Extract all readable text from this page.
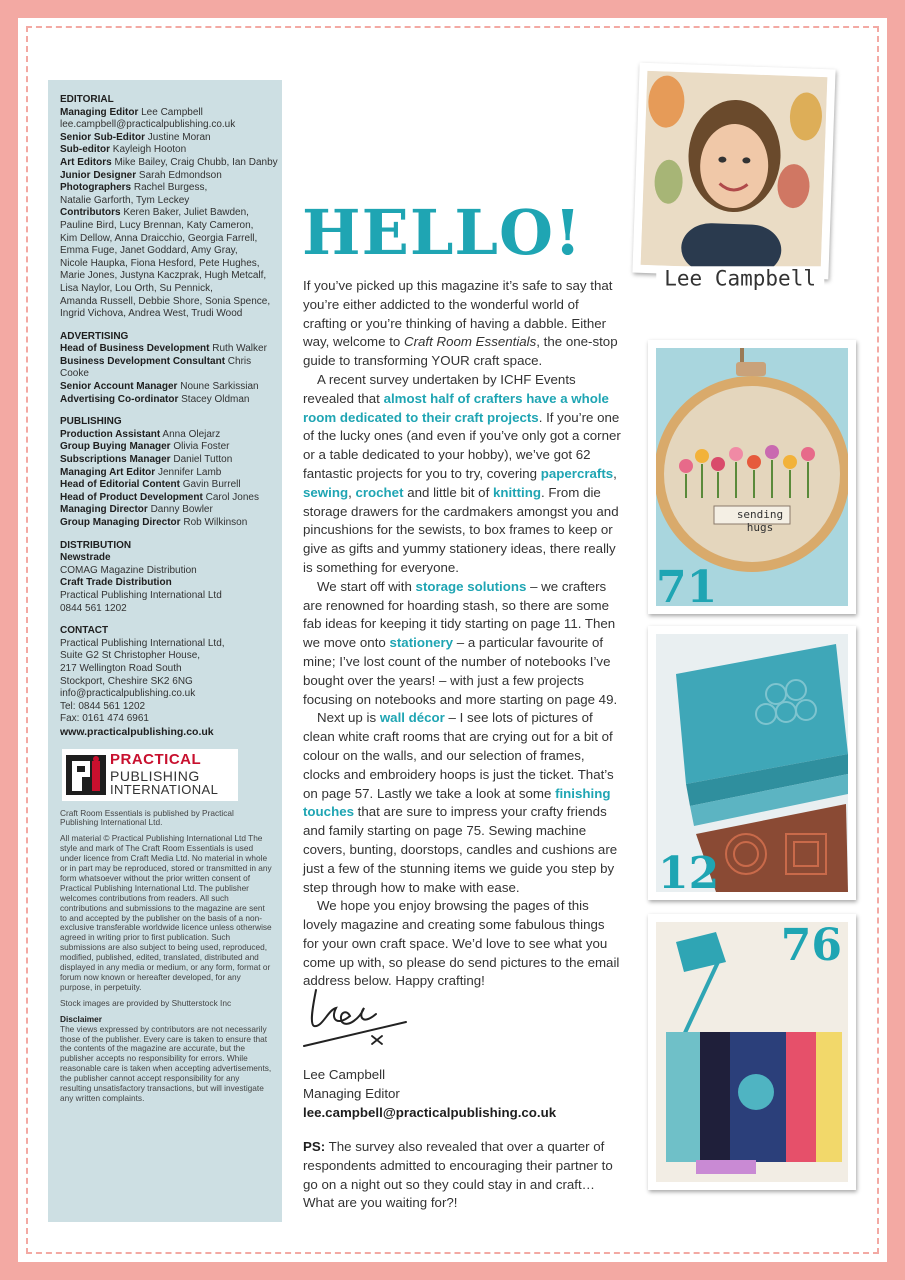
EDITORIAL
Managing Editor Lee Campbell
lee.campbell@practicalpublishing.co.uk
Senior Sub-Editor Justine Moran
Sub-editor Kayleigh Hooton
Art Editors Mike Bailey, Craig Chubb, Ian Danby
Junior Designer Sarah Edmondson
Photographers Rachel Burgess,
Natalie Garforth, Tym Leckey
Contributors Keren Baker, Juliet Bawden,
Pauline Bird, Lucy Brennan, Katy Cameron,
Kim Dellow, Anna Draicchio, Georgia Farrell,
Emma Fuge, Janet Goddard, Amy Gray,
Nicole Haupka, Fiona Hesford, Pete Hughes,
Marie Jones, Justyna Kaczprak, Hugh Metcalf,
Lisa Naylor, Lou Orth, Su Pennick,
Amanda Russell, Debbie Shore, Sonia Spence,
Ingrid Vichova, Andrea West, Trudi Wood
ADVERTISING
Head of Business Development Ruth Walker
Business Development Consultant Chris Cooke
Senior Account Manager Noune Sarkissian
Advertising Co-ordinator Stacey Oldman
PUBLISHING
Production Assistant Anna Olejarz
Group Buying Manager Olivia Foster
Subscriptions Manager Daniel Tutton
Managing Art Editor Jennifer Lamb
Head of Editorial Content Gavin Burrell
Head of Product Development Carol Jones
Managing Director Danny Bowler
Group Managing Director Rob Wilkinson
DISTRIBUTION
Newstrade
COMAG Magazine Distribution
Craft Trade Distribution
Practical Publishing International Ltd
0844 561 1202
CONTACT
Practical Publishing International Ltd,
Suite G2 St Christopher House,
217 Wellington Road South
Stockport, Cheshire SK2 6NG
info@practicalpublishing.co.uk
Tel: 0844 561 1202
Fax: 0161 474 6961
www.practicalpublishing.co.uk
PRACTICAL
PUBLISHING
INTERNATIONAL

Craft Room Essentials is published by Practical Publishing International Ltd.

All material © Practical Publishing International Ltd The style and mark of The Craft Room Essentials is used under licence from Craft Media Ltd. No material in whole or in part may be reproduced, stored or transmitted in any form whatsoever without the prior written consent of Practical Publishing International Ltd. The publisher welcomes contributions from readers. All such contributions and submissions to the magazine are sent to and accepted by the publisher on the basis of a non-exclusive transferable worldwide licence unless otherwise agreed in writing prior to first publication. Such submissions are also subject to being used, reproduced, modified, published, edited, translated, distributed and displayed in any media or medium, or any form, format or forum now known or hereafter developed, for any purpose, in perpetuity.

Stock images are provided by Shutterstock Inc

Disclaimer

The views expressed by contributors are not necessarily those of the publisher. Every care is taken to ensure that the contents of the magazine are accurate, but the publisher accepts no responsibility for errors. While reasonable care is taken when accepting advertisements, the publisher cannot accept responsibility for any resulting unsatisfactory transactions, but will investigate any written complaints.

HELLO!

If you’ve picked up this magazine it’s safe to say that you’re either addicted to the wonderful world of crafting or you’re thinking of having a dabble. Either way, welcome to Craft Room Essentials, the one-stop guide to transforming YOUR craft space.

A recent survey undertaken by ICHF Events revealed that almost half of crafters have a whole room dedicated to their craft projects. If you’re one of the lucky ones (and even if you’ve only got a corner or a table dedicated to your hobby), we’ve got 62 fantastic projects for you to try, covering papercrafts, sewing, crochet and little bit of knitting. From die storage drawers for the cardmakers amongst you and pincushions for the sewists, to box frames to keep or give as gifts and yummy stationery ideas, there really is something for everyone.

We start off with storage solutions – we crafters are renowned for hoarding stash, so there are some fab ideas for keeping it tidy starting on page 11. Then we move onto stationery – a particular favourite of mine; I’ve lost count of the number of notebooks I’ve bought over the years! – with just a few projects focusing on notebooks and more starting on page 49.

Next up is wall décor – I see lots of pictures of clean white craft rooms that are crying out for a bit of colour on the walls, and our selection of frames, clocks and embroidery hoops is just the ticket. That’s on page 57. Lastly we take a look at some finishing touches that are sure to impress your crafty friends and family starting on page 75. Sewing machine covers, bunting, doorstops, candles and cushions are just a few of the stunning items we guide you step by step through how to make with ease.

We hope you enjoy browsing the pages of this lovely magazine and creating some fabulous things for your own craft space. We’d love to see what you come up with, so please do send pictures to the email address below. Happy crafting!

Lee Campbell
Managing Editor
lee.campbell@practicalpublishing.co.uk
PS: The survey also revealed that over a quarter of respondents admitted to encouraging their partner to go on a night out so they could stay in and craft… What are you waiting for?!
Lee Campbell
sending hugs
71
12
76
